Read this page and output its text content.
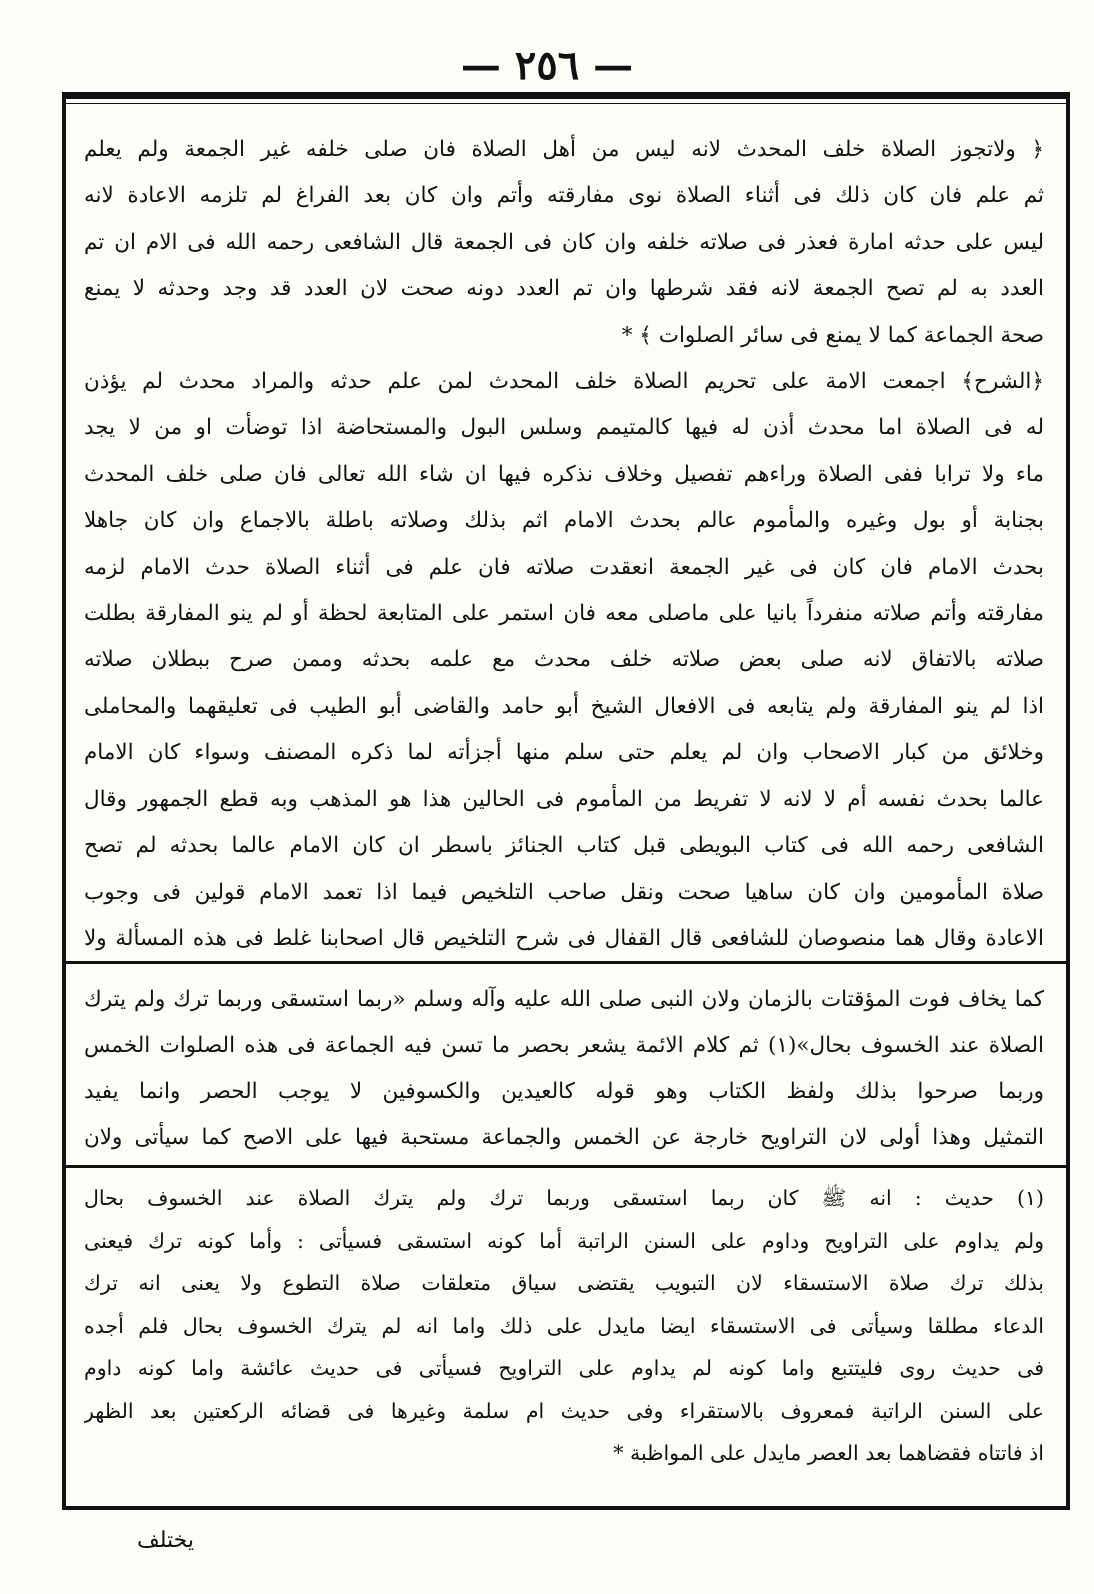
— ٢٥٦ —

﴿ ولاتجوز الصلاة خلف المحدث لانه ليس من أهل الصلاة فان صلى خلفه غير الجمعة ولم يعلم

ثم علم فان كان ذلك فى أثناء الصلاة نوى مفارقته وأتم وان كان بعد الفراغ لم تلزمه الاعادة لانه

ليس على حدثه امارة فعذر فى صلاته خلفه وان كان فى الجمعة قال الشافعى رحمه الله فى الام ان تم

العدد به لم تصح الجمعة لانه فقد شرطها وان تم العدد دونه صحت لان العدد قد وجد وحدثه لا يمنع

صحة الجماعة كما لا يمنع فى سائر الصلوات ﴾ *

﴿الشرح﴾ اجمعت الامة على تحريم الصلاة خلف المحدث لمن علم حدثه والمراد محدث لم يؤذن

له فى الصلاة اما محدث أذن له فيها كالمتيمم وسلس البول والمستحاضة اذا توضأت او من لا يجد

ماء ولا ترابا ففى الصلاة وراءهم تفصيل وخلاف نذكره فيها ان شاء الله تعالى فان صلى خلف المحدث

بجنابة أو بول وغيره والمأموم عالم بحدث الامام اثم بذلك وصلاته باطلة بالاجماع وان كان جاهلا

بحدث الامام فان كان فى غير الجمعة انعقدت صلاته فان علم فى أثناء الصلاة حدث الامام لزمه

مفارقته وأتم صلاته منفرداً بانيا على ماصلى معه فان استمر على المتابعة لحظة أو لم ينو المفارقة بطلت

صلاته بالاتفاق لانه صلى بعض صلاته خلف محدث مع علمه بحدثه وممن صرح ببطلان صلاته

اذا لم ينو المفارقة ولم يتابعه فى الافعال الشيخ أبو حامد والقاضى أبو الطيب فى تعليقهما والمحاملى

وخلائق من كبار الاصحاب وان لم يعلم حتى سلم منها أجزأته لما ذكره المصنف وسواء كان الامام

عالما بحدث نفسه أم لا لانه لا تفريط من المأموم فى الحالين هذا هو المذهب وبه قطع الجمهور وقال

الشافعى رحمه الله فى كتاب البويطى قبل كتاب الجنائز باسطر ان كان الامام عالما بحدثه لم تصح

صلاة المأمومين وان كان ساهيا صحت ونقل صاحب التلخيص فيما اذا تعمد الامام قولين فى وجوب

الاعادة وقال هما منصوصان للشافعى قال القفال فى شرح التلخيص قال اصحابنا غلط فى هذه المسألة ولا

كما يخاف فوت المؤقتات بالزمان ولان النبى صلى الله عليه وآله وسلم «ربما استسقى وربما ترك ولم يترك

الصلاة عند الخسوف بحال»(١) ثم كلام الائمة يشعر بحصر ما تسن فيه الجماعة فى هذه الصلوات الخمس

وربما صرحوا بذلك ولفظ الكتاب وهو قوله كالعيدين والكسوفين لا يوجب الحصر وانما يفيد

التمثيل وهذا أولى لان التراويح خارجة عن الخمس والجماعة مستحبة فيها على الاصح كما سيأتى ولان

(١) حديث : انه ﷺ كان ربما استسقى وربما ترك ولم يترك الصلاة عند الخسوف بحال

ولم يداوم على التراويح وداوم على السنن الراتبة أما كونه استسقى فسيأتى : وأما كونه ترك فيعنى

بذلك ترك صلاة الاستسقاء لان التبويب يقتضى سياق متعلقات صلاة التطوع ولا يعنى انه ترك

الدعاء مطلقا وسيأتى فى الاستسقاء ايضا مايدل على ذلك واما انه لم يترك الخسوف بحال فلم أجده

فى حديث روى فليتتبع واما كونه لم يداوم على التراويح فسيأتى فى حديث عائشة واما كونه داوم

على السنن الراتبة فمعروف بالاستقراء وفى حديث ام سلمة وغيرها فى قضائه الركعتين بعد الظهر

اذ فاتتاه فقضاهما بعد العصر مايدل على المواظبة *

يختلف
